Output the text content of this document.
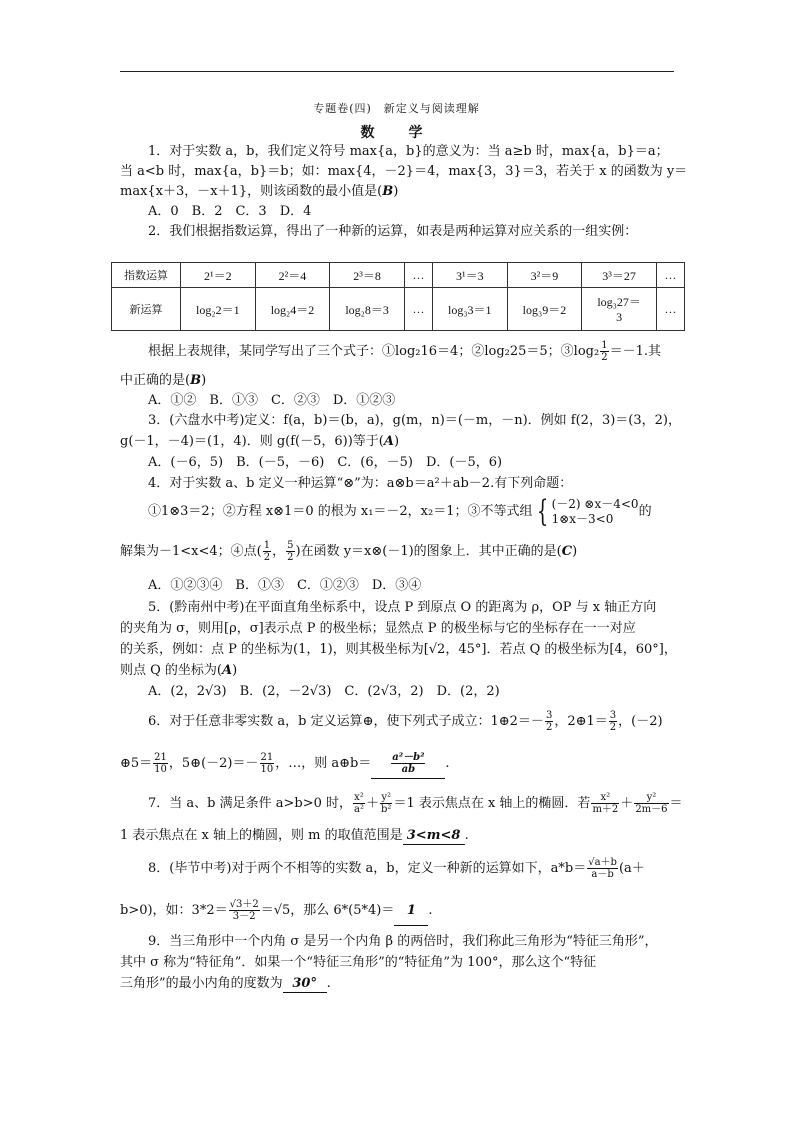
专题卷(四)　新定义与阅读理解
数　学
1．对于实数 a，b，我们定义符号 max{a，b}的意义为：当 a≥b 时，max{a，b}＝a；
当 a<b 时，max{a，b}＝b；如：max{4，－2}＝4，max{3，3}＝3，若关于 x 的函数为 y＝
max{x＋3，－x＋1}，则该函数的最小值是(B)
A．0　B．2　C．3　D．4
2．我们根据指数运算，得出了一种新的运算，如表是两种运算对应关系的一组实例：
指数运算	2¹＝2	2²＝4	2³＝8	…	3¹＝3	3²＝9	3³＝27	…
新运算	log₂2＝1	log₂4＝2	log₂8＝3	…	log₃3＝1	log₃9＝2	log₃27＝
3	…
根据上表规律，某同学写出了三个式子：①log₂16＝4；②log₂25＝5；③log₂ $\frac{1}{2} =-1$.其
中正确的是(B)
A．①②　B．①③　C．②③　D．①②③
3．(六盘水中考)定义：f(a，b)＝(b，a)，g(m，n)＝(－m，－n)．例如 f(2，3)＝(3，2)，
g(－1，－4)＝(1，4)．则 g(f(－5，6))等于(A)
A．(－6，5)　B．(－5，－6)　C．(6，－5)　D．(－5，6)
4．对于实数 a、b 定义一种运算“⊗”为：a⊗b＝a²＋ab－2.有下列命题：
①1⊗3＝2；②方程 x⊗1＝0 的根为 x₁＝－2，x₂＝1；③不等式组 { (－2) ⊗x－4<0
1⊗x－3<0 的
解集为－1<x<4；④点( $\frac{1}{2}$ ， $\frac{5}{2}$ )在函数 y＝x⊗(－1)的图象上．其中正确的是(C)
A．①②③④　B．①③　C．①②③　D．③④
5．(黔南州中考)在平面直角坐标系中，设点 P 到原点 O 的距离为 ρ，OP 与 x 轴正方向
的夹角为 σ，则用[ρ，σ]表示点 P 的极坐标；显然点 P 的极坐标与它的坐标存在一一对应
的关系，例如：点 P 的坐标为(1，1)，则其极坐标为[√2，45°]．若点 Q 的极坐标为[4，60°]，
则点 Q 的坐标为(A)
A．(2，2√3)　B．(2，－2√3)　C．(2√3，2)　D．(2，2)
6．对于任意非零实数 a，b 定义运算⊕，使下列式子成立：1⊕2＝－ $\frac{3}{2}$ ，2⊕1＝ $\frac{3}{2}$ ，(－2)
⊕5＝ $\frac{21}{10}$ ，5⊕(－2)＝－ $\frac{21}{10}$ ，…，则 a⊕b＝ $\frac{\text{a²－b²}}{ab}$ .
7．当 a、b 满足条件 a>b>0 时， $\frac{\text{x²}}{\text{a²}} + \frac{\text{y²}}{\text{b²}} =1$ 表示焦点在 x 轴上的椭圆．若 $\frac{\text{x²}}{m+2} + \frac{\text{y²}}{2m-6}$ ＝
1 表示焦点在 x 轴上的椭圆，则 m 的取值范围是 3<m<8 .
8．(毕节中考)对于两个不相等的实数 a，b，定义一种新的运算如下，$a*b= \frac{√a+b}{a-b} (a+$
b>0)，如：$3*2= \frac{√3+2}{3-2} =√5$，那么 6*(5*4)＝ 1 .
9．当三角形中一个内角 σ 是另一个内角 β 的两倍时，我们称此三角形为“特征三角形”，
其中 σ 称为“特征角”．如果一个“特征三角形”的“特征角”为 100°，那么这个“特征
三角形”的最小内角的度数为 30° .
